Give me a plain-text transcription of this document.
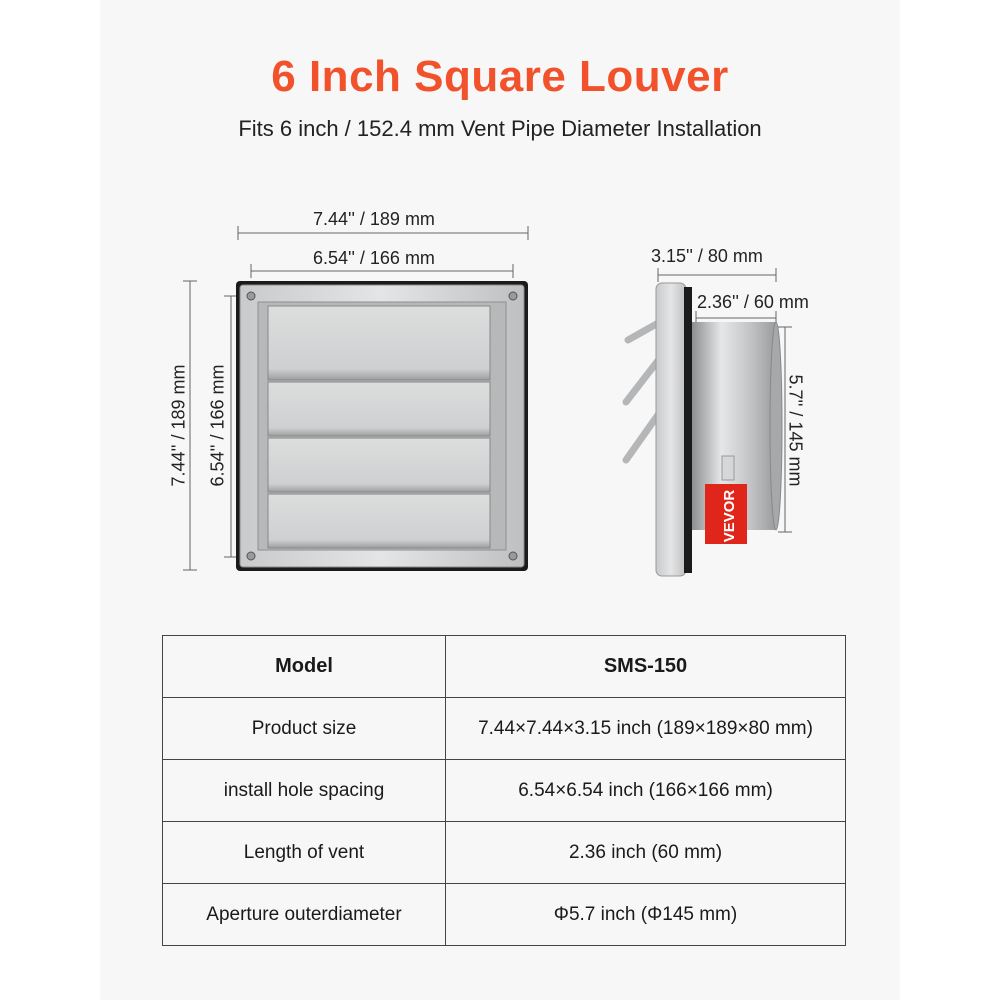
6 Inch Square Louver
Fits 6 inch / 152.4 mm Vent Pipe Diameter Installation
VEVOR
7.44'' / 189 mm
6.54'' / 166 mm
7.44'' / 189 mm 6.54'' / 166 mm
3.15'' / 80 mm
2.36'' / 60 mm
5.7'' / 145 mm
Model	SMS-150
Product size	7.44×7.44×3.15 inch (189×189×80 mm)
install hole spacing	6.54×6.54 inch (166×166 mm)
Length of vent	2.36 inch (60 mm)
Aperture outerdiameter	Φ5.7 inch (Φ145 mm)
